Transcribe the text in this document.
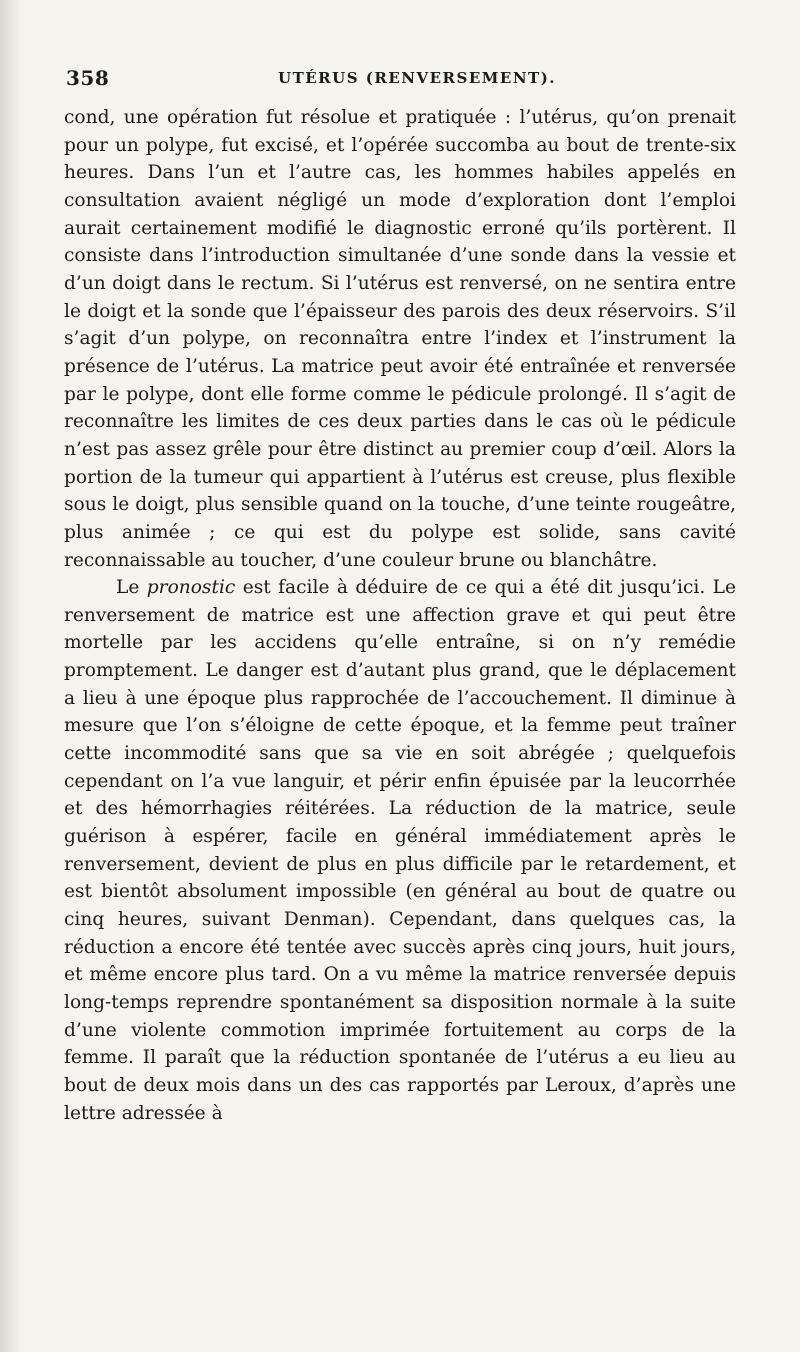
358	UTÉRUS (RENVERSEMENT).

cond, une opération fut résolue et pratiquée : l’utérus, qu’on prenait pour un polype, fut excisé, et l’opérée succomba au bout de trente-six heures. Dans l’un et l’autre cas, les hommes habiles appelés en consultation avaient négligé un mode d’exploration dont l’emploi aurait certainement modifié le diagnostic erroné qu’ils portèrent. Il consiste dans l’introduction simultanée d’une sonde dans la vessie et d’un doigt dans le rectum. Si l’utérus est renversé, on ne sentira entre le doigt et la sonde que l’épaisseur des parois des deux réservoirs. S’il s’agit d’un polype, on reconnaîtra entre l’index et l’instrument la présence de l’utérus. La matrice peut avoir été entraînée et renversée par le polype, dont elle forme comme le pédicule prolongé. Il s’agit de reconnaître les limites de ces deux parties dans le cas où le pédicule n’est pas assez grêle pour être distinct au premier coup d’œil. Alors la portion de la tumeur qui appartient à l’utérus est creuse, plus flexible sous le doigt, plus sensible quand on la touche, d’une teinte rougeâtre, plus animée ; ce qui est du polype est solide, sans cavité reconnaissable au toucher, d’une couleur brune ou blanchâtre.

Le pronostic est facile à déduire de ce qui a été dit jusqu’ici. Le renversement de matrice est une affection grave et qui peut être mortelle par les accidens qu’elle entraîne, si on n’y remédie promptement. Le danger est d’autant plus grand, que le déplacement a lieu à une époque plus rapprochée de l’accouchement. Il diminue à mesure que l’on s’éloigne de cette époque, et la femme peut traîner cette incommodité sans que sa vie en soit abrégée ; quelquefois cependant on l’a vue languir, et périr enfin épuisée par la leucorrhée et des hémorrhagies réitérées. La réduction de la matrice, seule guérison à espérer, facile en général immédiatement après le renversement, devient de plus en plus difficile par le retardement, et est bientôt absolument impossible (en général au bout de quatre ou cinq heures, suivant Denman). Cependant, dans quelques cas, la réduction a encore été tentée avec succès après cinq jours, huit jours, et même encore plus tard. On a vu même la matrice renversée depuis long-temps reprendre spontanément sa disposition normale à la suite d’une violente commotion imprimée fortuitement au corps de la femme. Il paraît que la réduction spontanée de l’utérus a eu lieu au bout de deux mois dans un des cas rapportés par Leroux, d’après une lettre adressée à
